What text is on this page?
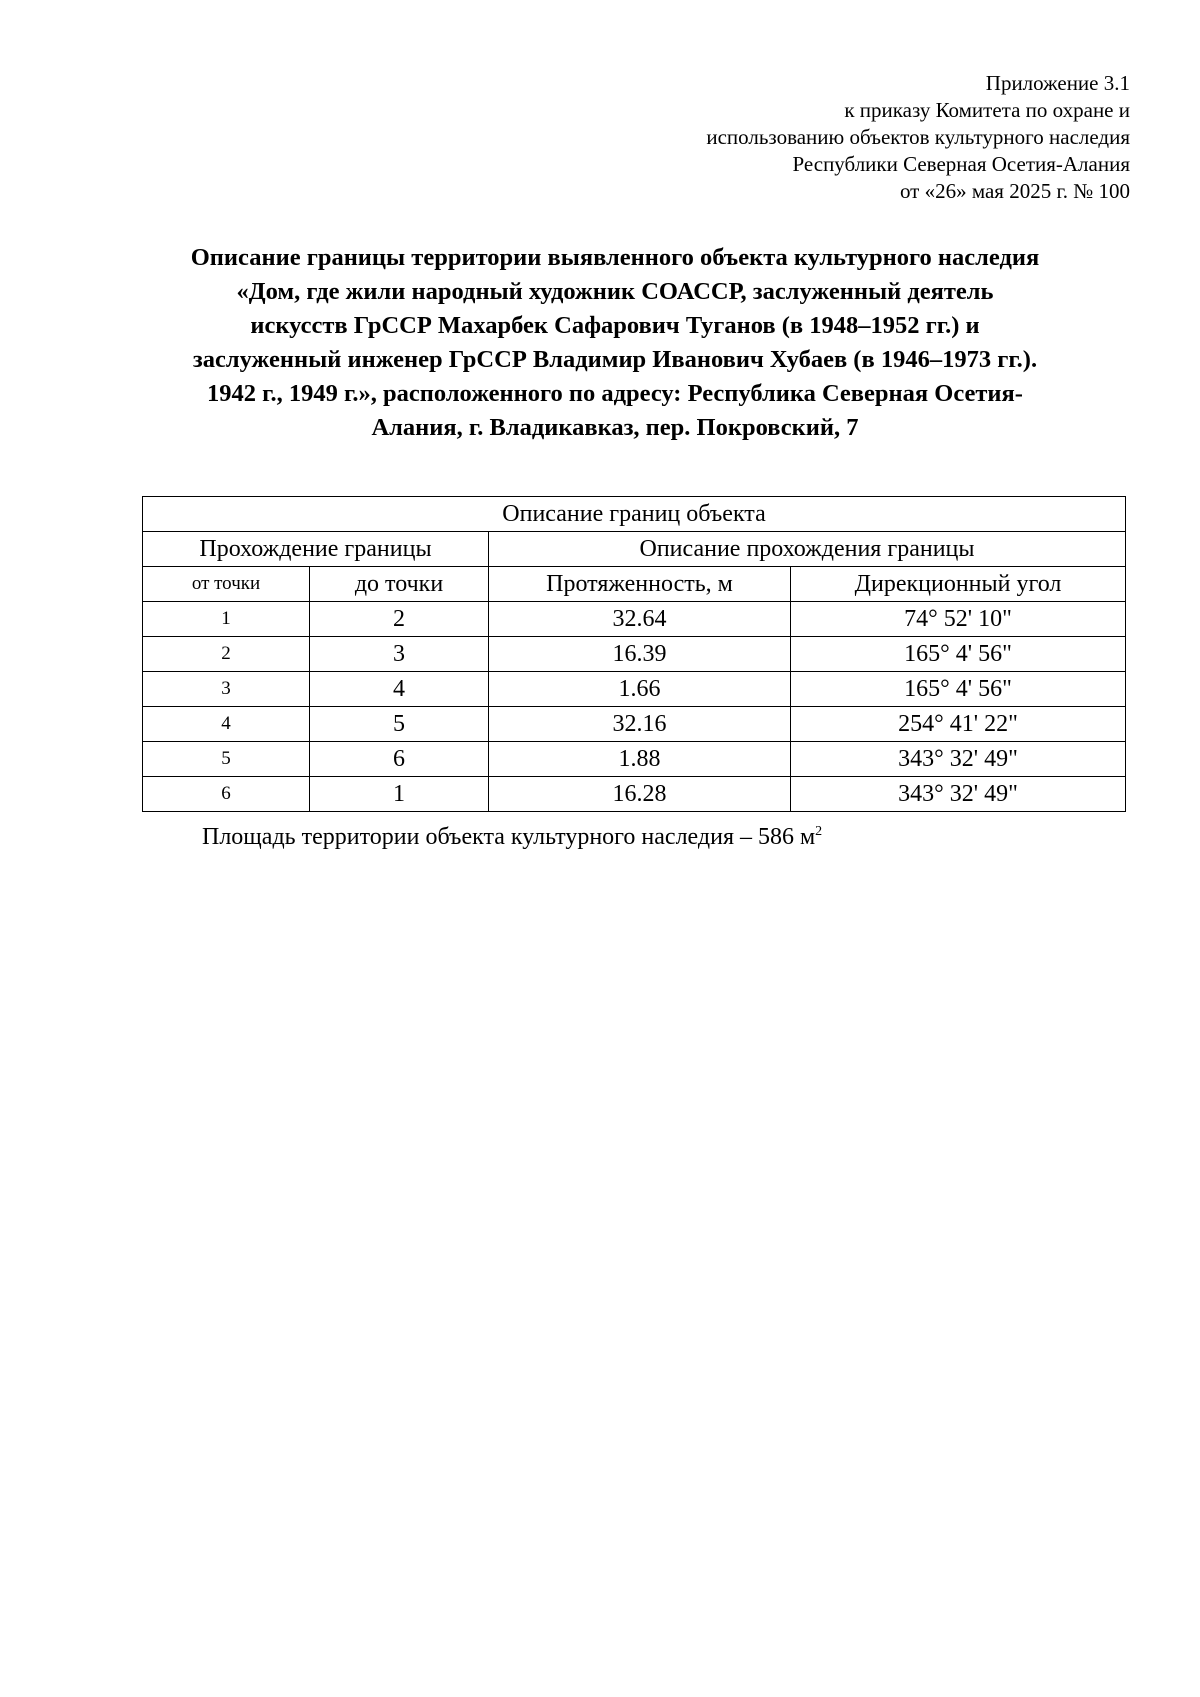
Приложение 3.1
к приказу Комитета по охране и
использованию объектов культурного наследия
Республики Северная Осетия-Алания
от «26» мая 2025 г. № 100
Описание границы территории выявленного объекта культурного наследия
«Дом, где жили народный художник СОАССР, заслуженный деятель
искусств ГрССР Махарбек Сафарович Туганов (в 1948–1952 гг.) и
заслуженный инженер ГрССР Владимир Иванович Хубаев (в 1946–1973 гг.).
1942 г., 1949 г.», расположенного по адресу: Республика Северная Осетия-
Алания, г. Владикавказ, пер. Покровский, 7
Описание границ объекта			
Прохождение границы		Описание прохождения границы	
от точки	до точки	Протяженность, м	Дирекционный угол
1	2	32.64	74° 52' 10"
2	3	16.39	165° 4' 56"
3	4	1.66	165° 4' 56"
4	5	32.16	254° 41' 22"
5	6	1.88	343° 32' 49"
6	1	16.28	343° 32' 49"
Площадь территории объекта культурного наследия – 586 $м^2$
